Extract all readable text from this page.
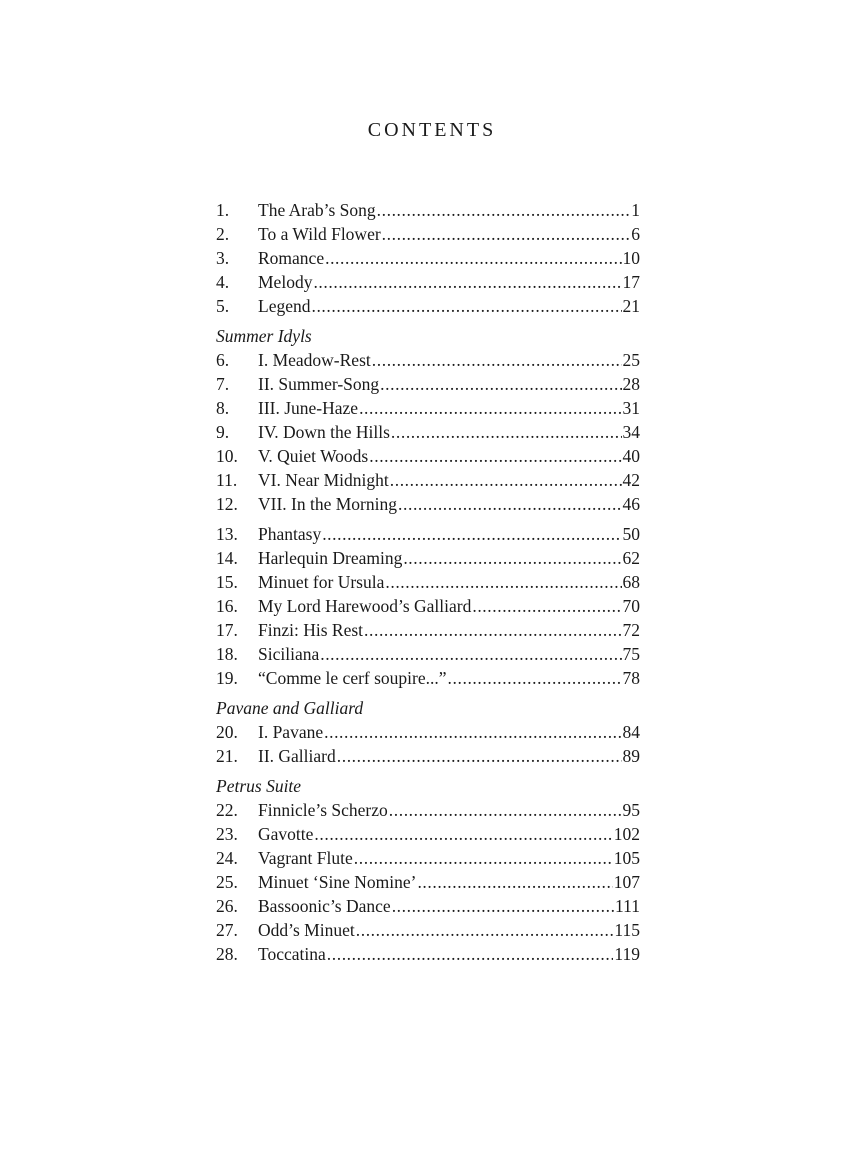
CONTENTS
1.	The Arab’s Song .....	1
2.	To a Wild Flower .....	6
3.	Romance .....	10
4.	Melody .....	17
5.	Legend .....	21
Summer Idyls
6.	I. Meadow-Rest .....	25
7.	II. Summer-Song .....	28
8.	III. June-Haze .....	31
9.	IV. Down the Hills .....	34
10.	V. Quiet Woods .....	40
11.	VI. Near Midnight .....	42
12.	VII. In the Morning .....	46
13.	Phantasy .....	50
14.	Harlequin Dreaming .....	62
15.	Minuet for Ursula .....	68
16.	My Lord Harewood’s Galliard .....	70
17.	Finzi: His Rest .....	72
18.	Siciliana .....	75
19.	“Comme le cerf soupire...” .....	78
Pavane and Galliard
20.	I. Pavane .....	84
21.	II. Galliard .....	89
Petrus Suite
22.	Finnicle’s Scherzo .....	95
23.	Gavotte .....	102
24.	Vagrant Flute .....	105
25.	Minuet ‘Sine Nomine’ .....	107
26.	Bassoonic’s Dance .....	111
27.	Odd’s Minuet .....	115
28.	Toccatina .....	119
